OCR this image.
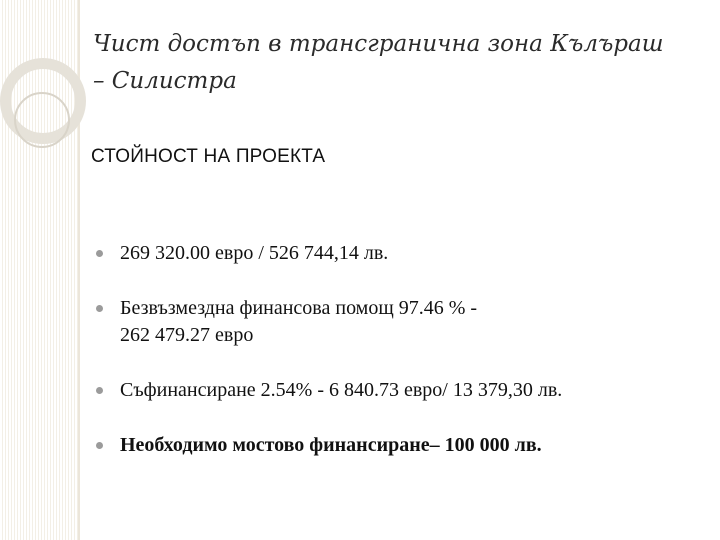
Чист достъп в трансгранична зона Кълъраш
– Силистра
СТОЙНОСТ НА ПРОЕКТА
269 320.00 евро / 526 744,14 лв.
Безвъзмездна финансова помощ 97.46 % -
262 479.27 евро
Съфинансиране 2.54% - 6 840.73 евро/ 13 379,30 лв.
Необходимо мостово финансиране– 100 000 лв.
